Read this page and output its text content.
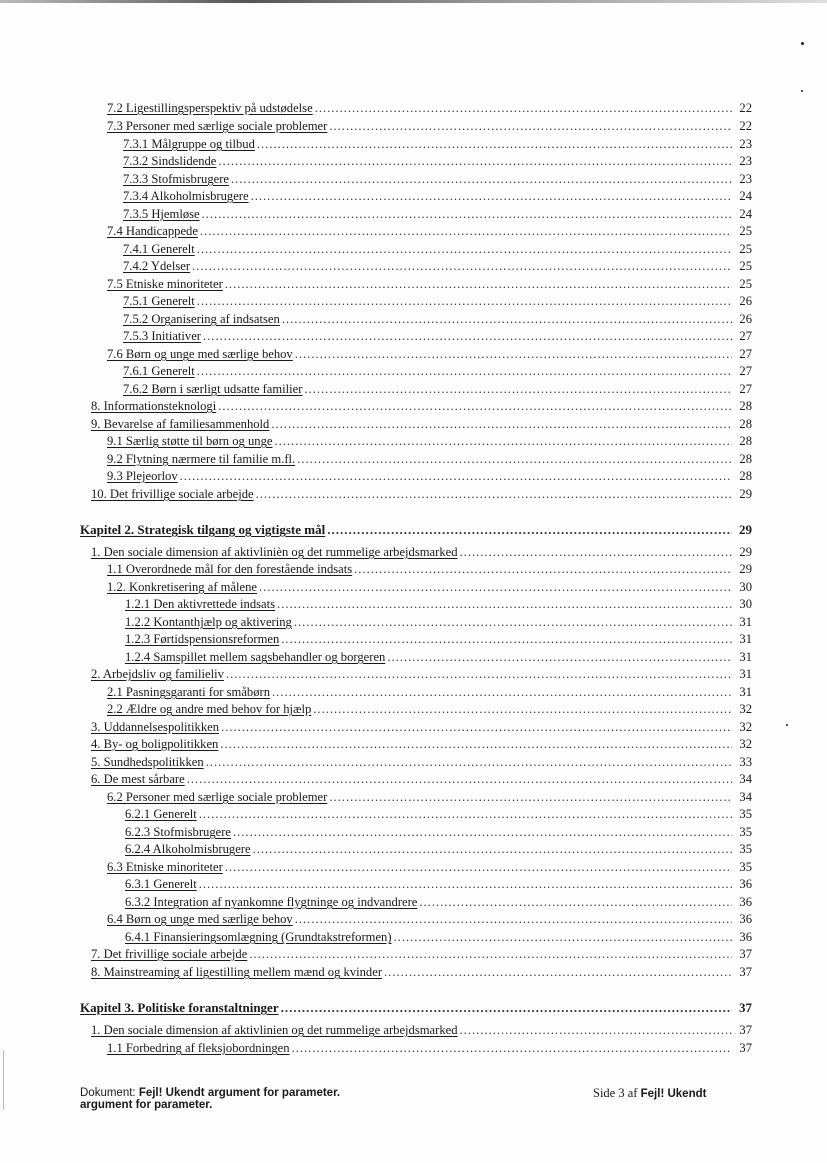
7.2 Ligestillingsperspektiv på udstødelse .....	22
7.3 Personer med særlige sociale problemer .....	22
7.3.1 Målgruppe og tilbud .....	23
7.3.2 Sindslidende .....	23
7.3.3 Stofmisbrugere .....	23
7.3.4 Alkoholmisbrugere .....	24
7.3.5 Hjemløse .....	24
7.4 Handicappede .....	25
7.4.1 Generelt .....	25
7.4.2 Ydelser .....	25
7.5 Etniske minoriteter .....	25
7.5.1 Generelt .....	26
7.5.2 Organisering af indsatsen .....	26
7.5.3 Initiativer .....	27
7.6 Børn og unge med særlige behov .....	27
7.6.1 Generelt .....	27
7.6.2 Børn i særligt udsatte familier .....	27
8. Informationsteknologi .....	28
9. Bevarelse af familiesammenhold .....	28
9.1 Særlig støtte til børn og unge .....	28
9.2 Flytning nærmere til familie m.fl. .....	28
9.3 Plejeorlov .....	28
10. Det frivillige sociale arbejde .....	29
Kapitel 2. Strategisk tilgang og vigtigste mål .....	29
1. Den sociale dimension af aktivlinièn og det rummelige arbejdsmarked .....	29
1.1 Overordnede mål for den forestående indsats .....	29
1.2. Konkretisering af målene .....	30
1.2.1 Den aktivrettede indsats .....	30
1.2.2 Kontanthjælp og aktivering .....	31
1.2.3 Førtidspensionsreformen .....	31
1.2.4 Samspillet mellem sagsbehandler og borgeren .....	31
2. Arbejdsliv og familieliv .....	31
2.1 Pasningsgaranti for småbørn .....	31
2.2 Ældre og andre med behov for hjælp .....	32
3. Uddannelsespolitikken .....	32
4. By- og boligpolitikken .....	32
5. Sundhedspolitikken .....	33
6. De mest sårbare .....	34
6.2 Personer med særlige sociale problemer .....	34
6.2.1 Generelt .....	35
6.2.3 Stofmisbrugere .....	35
6.2.4 Alkoholmisbrugere .....	35
6.3 Etniske minoriteter .....	35
6.3.1 Generelt .....	36
6.3.2 Integration af nyankomne flygtninge og indvandrere .....	36
6.4 Børn og unge med særlige behov .....	36
6.4.1 Finansieringsomlægning (Grundtakstreformen) .....	36
7. Det frivillige sociale arbejde .....	37
8. Mainstreaming af ligestilling mellem mænd og kvinder .....	37
Kapitel 3. Politiske foranstaltninger .....	37
1. Den sociale dimension af aktivlinien og det rummelige arbejdsmarked .....	37
1.1 Forbedring af fleksjobordningen .....	37
Dokument: Fejl! Ukendt argument for parameter.
argument for parameter.
Side 3 af Fejl! Ukendt
